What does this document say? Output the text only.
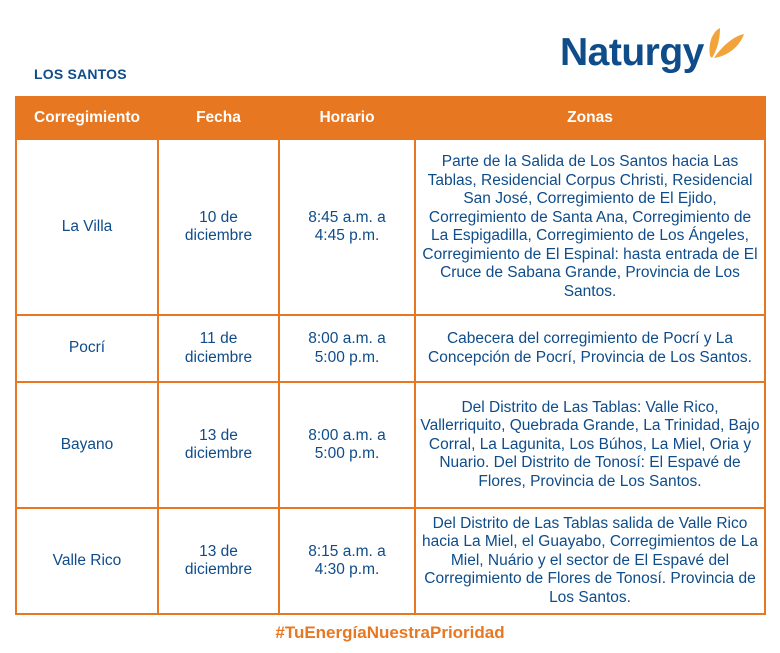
LOS SANTOS
Naturgy
Corregimiento	Fecha	Horario	Zonas
La Villa	10 de diciembre	8:45 a.m. a 4:45 p.m.	Parte de la Salida de Los Santos hacia Las Tablas, Residencial Corpus Christi, Residencial San José, Corregimiento de El Ejido, Corregimiento de Santa Ana, Corregimiento de La Espigadilla, Corregimiento de Los Ángeles, Corregimiento de El Espinal: hasta entrada de El Cruce de Sabana Grande, Provincia de Los Santos.
Pocrí	11 de diciembre	8:00 a.m. a 5:00 p.m.	Cabecera del corregimiento de Pocrí y La Concepción de Pocrí, Provincia de Los Santos.
Bayano	13 de diciembre	8:00 a.m. a 5:00 p.m.	Del Distrito de Las Tablas: Valle Rico, Vallerriquito, Quebrada Grande, La Trinidad, Bajo Corral, La Lagunita, Los Búhos, La Miel, Oria y Nuario. Del Distrito de Tonosí: El Espavé de Flores, Provincia de Los Santos.
Valle Rico	13 de diciembre	8:15 a.m. a 4:30 p.m.	Del Distrito de Las Tablas salida de Valle Rico hacia La Miel, el Guayabo, Corregimientos de La Miel, Nuário y el sector de El Espavé del Corregimiento de Flores de Tonosí. Provincia de Los Santos.
#TuEnergíaNuestraPrioridad
